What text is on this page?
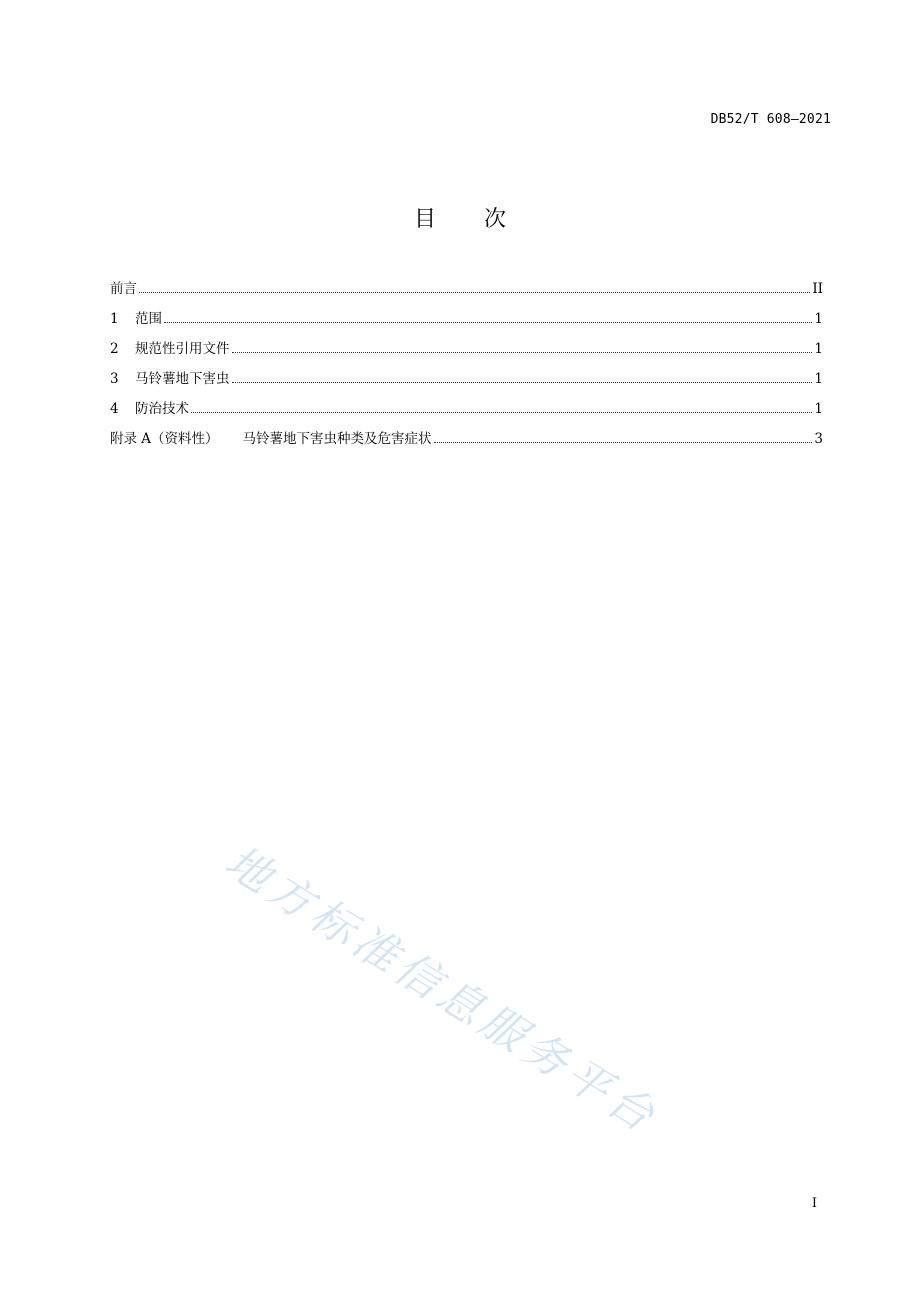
DB52/T 608—2021
目 次
前言	II
1	范围	1
2	规范性引用文件	1
3	马铃薯地下害虫	1
4	防治技术	1
附录 A（资料性） 马铃薯地下害虫种类及危害症状	3
地方标准信息服务平台
I
